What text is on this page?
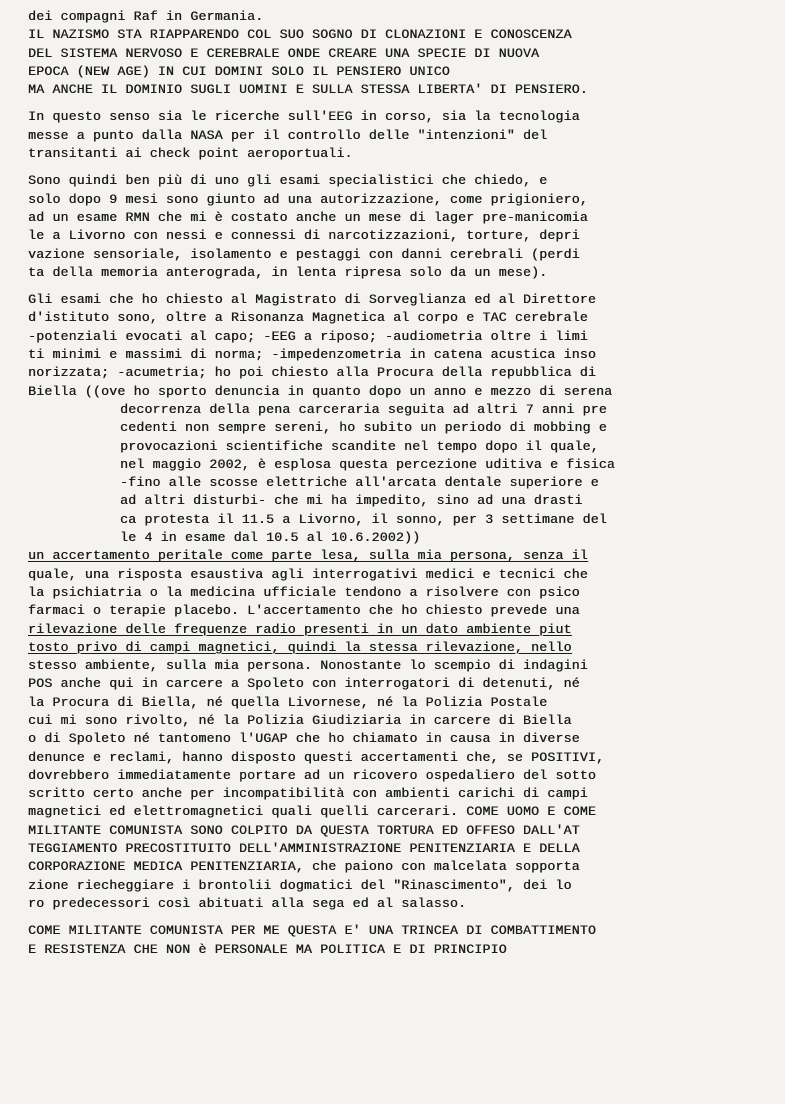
dei compagni Raf in Germania.
IL NAZISMO STA RIAPPARENDO COL SUO SOGNO DI CLONAZIONI E CONOSCENZA
DEL SISTEMA NERVOSO E CEREBRALE ONDE CREARE UNA SPECIE DI NUOVA
EPOCA (NEW AGE) IN CUI DOMINI SOLO IL PENSIERO UNICO
MA ANCHE IL DOMINIO SUGLI UOMINI E SULLA STESSA LIBERTA' DI PENSIERO.
In questo senso sia le ricerche sull'EEG in corso, sia la tecnologia
messe a punto dalla NASA per il controllo delle "intenzioni" del
transitanti ai check point aeroportuali.
Sono quindi ben più di uno gli esami specialistici che chiedo, e
solo dopo 9 mesi sono giunto ad una autorizzazione, come prigioniero,
ad un esame RMN che mi è costato anche un mese di lager pre-manicomia
le a Livorno con nessi e connessi di narcotizzazioni, torture, depri
vazione sensoriale, isolamento e pestaggi con danni cerebrali (perdi
ta della memoria anterograda, in lenta ripresa solo da un mese).
Gli esami che ho chiesto al Magistrato di Sorveglianza ed al Direttore
d'istituto sono, oltre a Risonanza Magnetica al corpo e TAC cerebrale
-potenziali evocati al capo; -EEG a riposo; -audiometria oltre i limi
ti minimi e massimi di norma; -impedenzometria in catena acustica inso
norizzata; -acumetria; ho poi chiesto alla Procura della repubblica di
Biella ((ove ho sporto denuncia in quanto dopo un anno e mezzo di serena
decorrenza della pena carceraria seguita ad altri 7 anni pre
cedenti non sempre sereni, ho subito un periodo di mobbing e
provocazioni scientifiche scandite nel tempo dopo il quale,
nel maggio 2002, è esplosa questa percezione uditiva e fisica
-fino alle scosse elettriche all'arcata dentale superiore e
ad altri disturbi- che mi ha impedito, sino ad una drasti
ca protesta il 11.5 a Livorno, il sonno, per 3 settimane del
le 4 in esame dal 10.5 al 10.6.2002))
un accertamento peritale come parte lesa, sulla mia persona, senza il
quale, una risposta esaustiva agli interrogativi medici e tecnici che
la psichiatria o la medicina ufficiale tendono a risolvere con psico
farmaci o terapie placebo. L'accertamento che ho chiesto prevede una
rilevazione delle frequenze radio presenti in un dato ambiente piut
tosto privo di campi magnetici, quindi la stessa rilevazione, nello
stesso ambiente, sulla mia persona. Nonostante lo scempio di indagini
POS anche qui in carcere a Spoleto con interrogatori di detenuti, né
la Procura di Biella, né quella Livornese, né la Polizia Postale
cui mi sono rivolto, né la Polizia Giudiziaria in carcere di Biella
o di Spoleto né tantomeno l'UGAP che ho chiamato in causa in diverse
denunce e reclami, hanno disposto questi accertamenti che, se POSITIVI,
dovrebbero immediatamente portare ad un ricovero ospedaliero del sotto
scritto certo anche per incompatibilità con ambienti carichi di campi
magnetici ed elettromagnetici quali quelli carcerari. COME UOMO E COME
MILITANTE COMUNISTA SONO COLPITO DA QUESTA TORTURA ED OFFESO DALL'AT
TEGGIAMENTO PRECOSTITUITO DELL'AMMINISTRAZIONE PENITENZIARIA E DELLA
CORPORAZIONE MEDICA PENITENZIARIA, che paiono con malcelata sopporta
zione riecheggiare i brontolii dogmatici del "Rinascimento", dei lo
ro predecessori così abituati alla sega ed al salasso.
COME MILITANTE COMUNISTA PER ME QUESTA E' UNA TRINCEA DI COMBATTIMENTO
E RESISTENZA CHE NON è PERSONALE MA POLITICA E DI PRINCIPIO
